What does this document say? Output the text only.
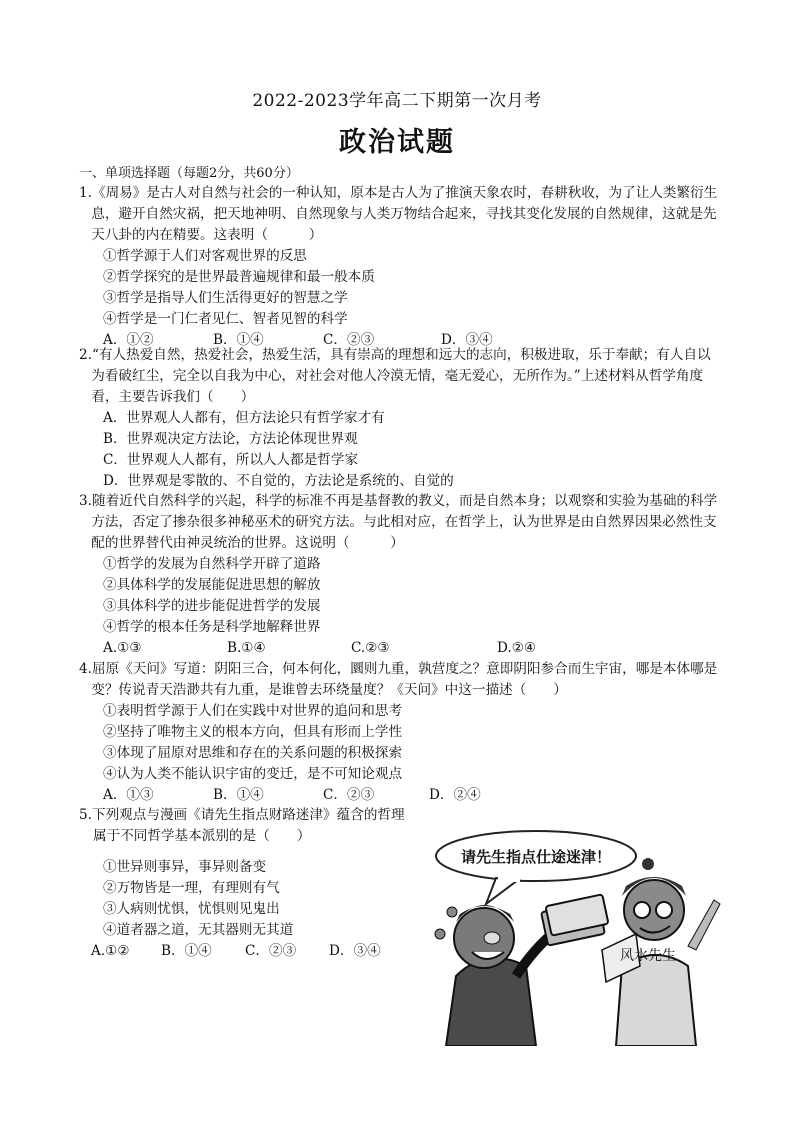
2022-2023学年高二下期第一次月考
政治试题
一、单项选择题（每题2分，共60分）

1.《周易》是古人对自然与社会的一种认知，原本是古人为了推演天象农时，春耕秋收，为了让人类繁衍生息，避开自然灾祸，把天地神明、自然现象与人类万物结合起来，寻找其变化发展的自然规律，这就是先天八卦的内在精要。这表明（　　　）

①哲学源于人们对客观世界的反思

②哲学探究的是世界最普遍规律和最一般本质

③哲学是指导人们生活得更好的智慧之学

④哲学是一门仁者见仁、智者见智的科学

A．①②	B．①④	C．②③	D．③④

2.“有人热爱自然，热爱社会，热爱生活，具有崇高的理想和远大的志向，积极进取，乐于奉献；有人自以为看破红尘，完全以自我为中心，对社会对他人冷漠无情，毫无爱心，无所作为。”上述材料从哲学角度看，主要告诉我们（　　）

A．世界观人人都有，但方法论只有哲学家才有

B．世界观决定方法论，方法论体现世界观

C．世界观人人都有，所以人人都是哲学家

D．世界观是零散的、不自觉的，方法论是系统的、自觉的

3.随着近代自然科学的兴起，科学的标准不再是基督教的教义，而是自然本身；以观察和实验为基础的科学方法，否定了掺杂很多神秘巫术的研究方法。与此相对应，在哲学上，认为世界是由自然界因果必然性支配的世界替代由神灵统治的世界。这说明（　　　）

①哲学的发展为自然科学开辟了道路

②具体科学的发展能促进思想的解放

③具体科学的进步能促进哲学的发展

④哲学的根本任务是科学地解释世界

A.①③	B.①④	C.②③	D.②④

4.屈原《天问》写道：阴阳三合，何本何化，圜则九重，孰营度之？意即阴阳参合而生宇宙，哪是本体哪是变？传说青天浩渺共有九重，是谁曾去环绕量度？《天问》中这一描述（　　）

①表明哲学源于人们在实践中对世界的追问和思考

②坚持了唯物主义的根本方向，但具有形而上学性

③体现了屈原对思维和存在的关系问题的积极探索

④认为人类不能认识宇宙的变迁，是不可知论观点

A．①③	B．①④	C．②③	D．②④

5.下列观点与漫画《请先生指点财路迷津》蕴含的哲理

属于不同哲学基本派别的是（　　）

①世异则事异，事异则备变

②万物皆是一理，有理则有气

③人病则忧惧，忧惧则见鬼出

④道者器之道，无其器则无其道

A.①②	B．①④	C．②③	D．③④

请先生指点仕途迷津！
风水先生
